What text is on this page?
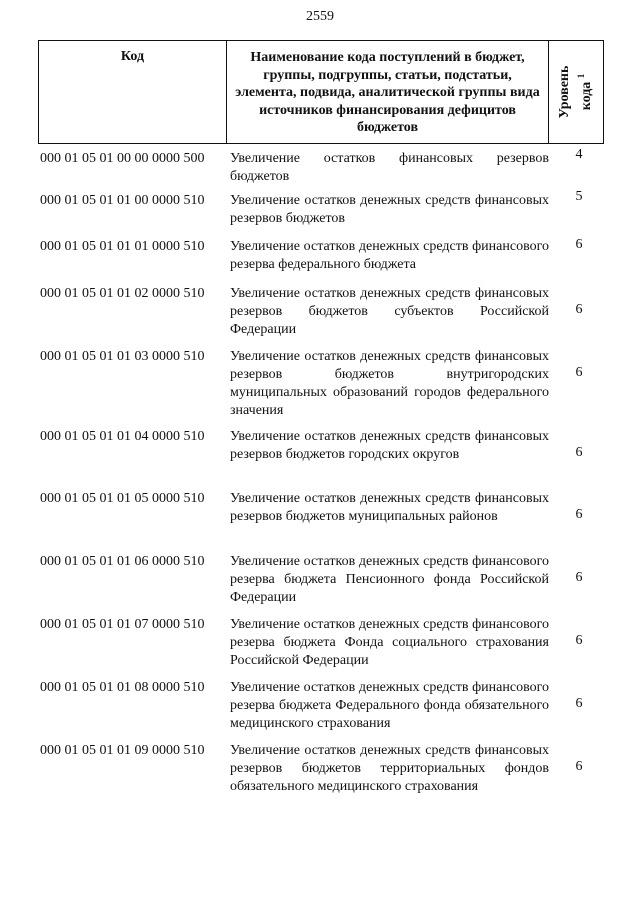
2559
Код	Наименование кода поступлений в бюджет, группы, подгруппы, статьи, подстатьи, элемента, подвида, аналитической группы вида источников финансирования дефицитов бюджетов
Уровень кода $^1$
000 01 05 01 00 00 0000 500 Увеличение остатков финансовых резервов бюджетов
4
000 01 05 01 01 00 0000 510 Увеличение остатков денежных средств финансовых резервов бюджетов
5
000 01 05 01 01 01 0000 510 Увеличение остатков денежных средств финансового резерва федерального бюджета
6
000 01 05 01 01 02 0000 510 Увеличение остатков денежных средств финансовых резервов бюджетов субъектов Российской Федерации
6
000 01 05 01 01 03 0000 510 Увеличение остатков денежных средств финансовых резервов бюджетов внутригородских муниципальных образований городов федерального значения
6
000 01 05 01 01 04 0000 510 Увеличение остатков денежных средств финансовых резервов бюджетов городских округов	6
000 01 05 01 01 05 0000 510 Увеличение остатков денежных средств финансовых резервов бюджетов муниципальных районов	6
000 01 05 01 01 06 0000 510 Увеличение остатков денежных средств финансового резерва бюджета Пенсионного фонда Российской Федерации
6
000 01 05 01 01 07 0000 510 Увеличение остатков денежных средств финансового резерва бюджета Фонда социального страхования Российской Федерации
6
000 01 05 01 01 08 0000 510 Увеличение остатков денежных средств финансового резерва бюджета Федерального фонда обязательного медицинского страхования
6
000 01 05 01 01 09 0000 510 Увеличение остатков денежных средств финансовых резервов бюджетов территориальных фондов обязательного медицинского страхования
6
